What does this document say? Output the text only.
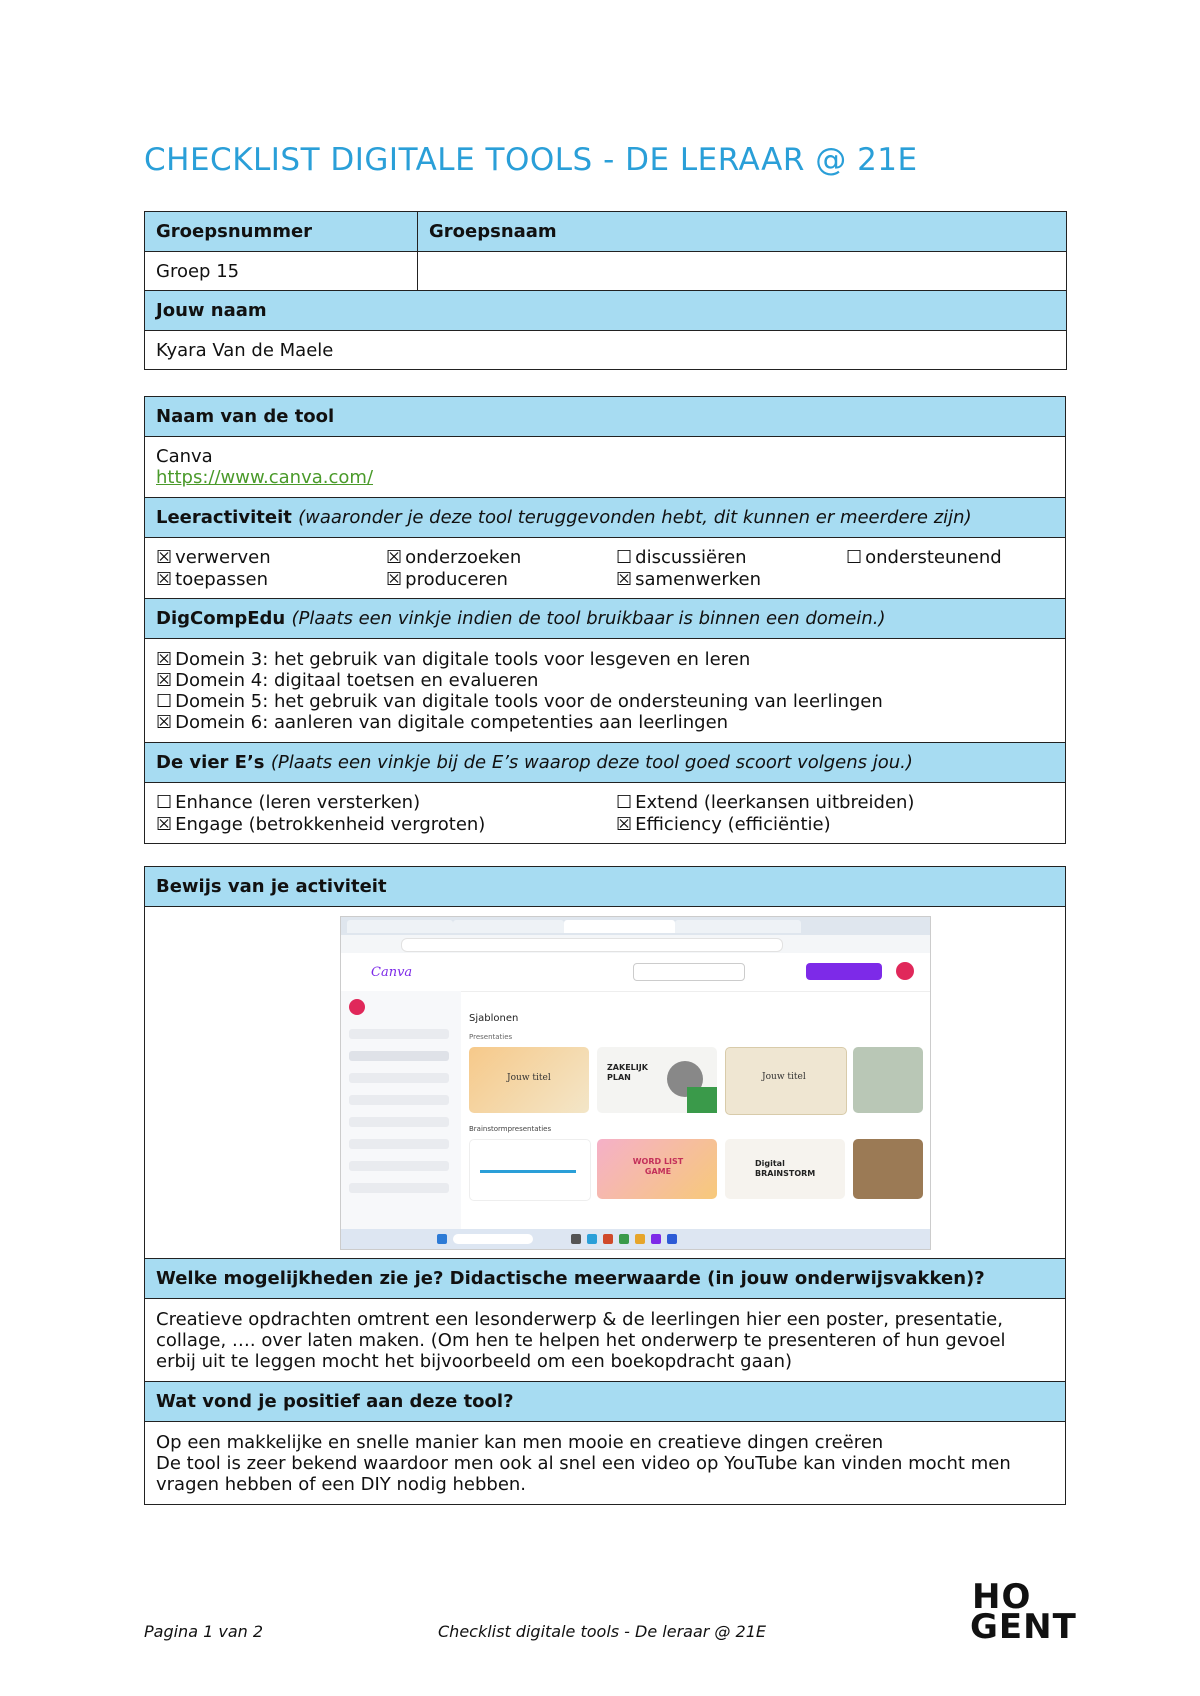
CHECKLIST DIGITALE TOOLS - DE LERAAR @ 21E
Groepsnummer	Groepsnaam
Groep 15	
Jouw naam	
Kyara Van de Maele	
Naam van de tool

Canva
https://www.canva.com/

Leeractiviteit (waaronder je deze tool teruggevonden hebt, dit kunnen er meerdere zijn)

☒ verwerven	☒ onderzoeken	☐ discussiëren	☐ ondersteunend
☒ toepassen	☒ produceren	☒ samenwerken

DigCompEdu (Plaats een vinkje indien de tool bruikbaar is binnen een domein.)

☒ Domein 3: het gebruik van digitale tools voor lesgeven en leren
☒ Domein 4: digitaal toetsen en evalueren
☐ Domein 5: het gebruik van digitale tools voor de ondersteuning van leerlingen
☒ Domein 6: aanleren van digitale competenties aan leerlingen

De vier E’s (Plaats een vinkje bij de E’s waarop deze tool goed scoort volgens jou.)

☐ Enhance (leren versterken)	☐ Extend (leerkansen uitbreiden)
☒ Engage (betrokkenheid vergroten)	☒ Efficiency (efficiëntie)
Bewijs van je activiteit

Welke mogelijkheden zie je? Didactische meerwaarde (in jouw onderwijsvakken)?

Creatieve opdrachten omtrent een lesonderwerp & de leerlingen hier een poster, presentatie,
collage, …. over laten maken. (Om hen te helpen het onderwerp te presenteren of hun gevoel
erbij uit te leggen mocht het bijvoorbeeld om een boekopdracht gaan)

Wat vond je positief aan deze tool?

Op een makkelijke en snelle manier kan men mooie en creatieve dingen creëren
De tool is zeer bekend waardoor men ook al snel een video op YouTube kan vinden mocht men
vragen hebben of een DIY nodig hebben.
Canva
Sjablonen
Presentaties
Jouw titel
ZAKELIJK PLAN	Jouw titel
Brainstormpresentaties
WORD LIST GAME
Digital BRAINSTORM
Pagina 1 van 2	Checklist digitale tools - De leraar @ 21E
HO
GENT
